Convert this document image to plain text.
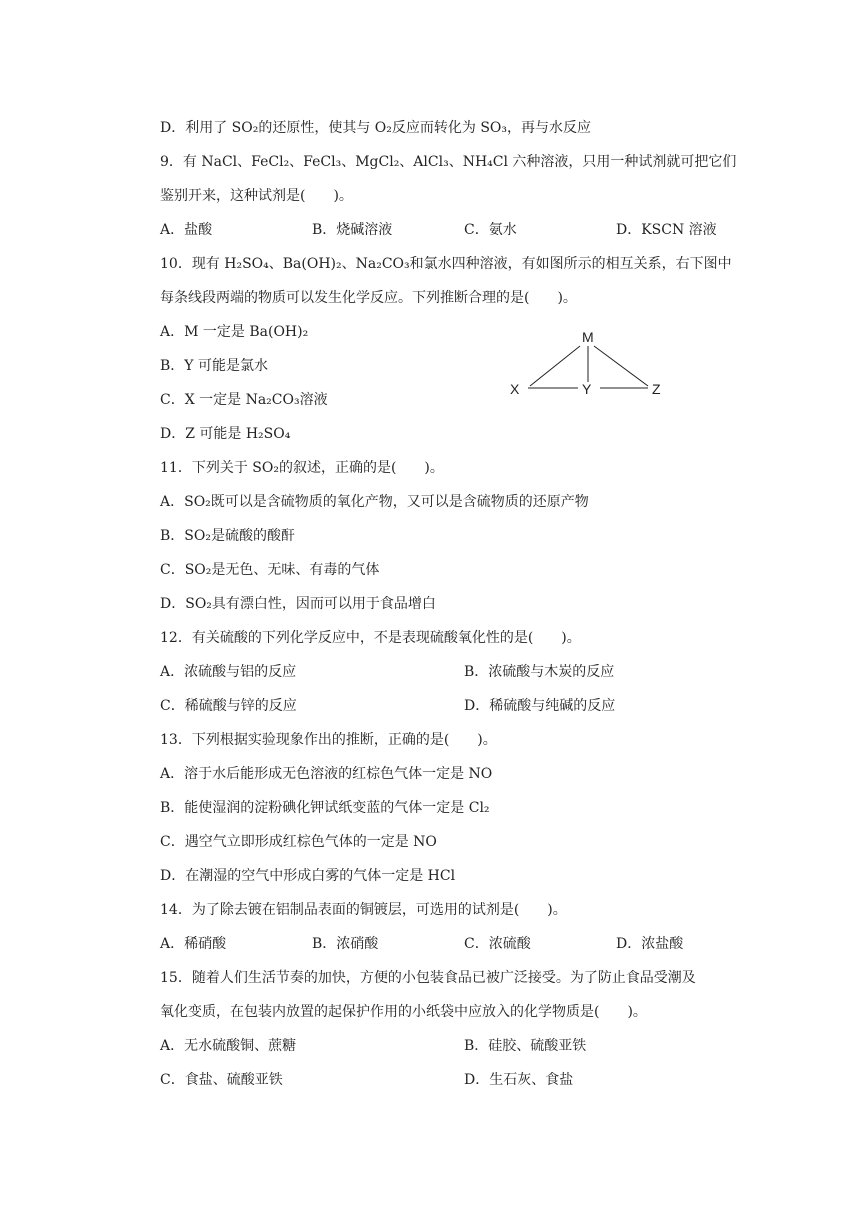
D．利用了 SO₂的还原性，使其与 O₂反应而转化为 SO₃，再与水反应
9．有 NaCl、FeCl₂、FeCl₃、MgCl₂、AlCl₃、NH₄Cl 六种溶液，只用一种试剂就可把它们
鉴别开来，这种试剂是(　　)。
A．盐酸	B．烧碱溶液	C．氨水	D．KSCN 溶液
10．现有 H₂SO₄、Ba(OH)₂、Na₂CO₃和氯水四种溶液，有如图所示的相互关系，右下图中
每条线段两端的物质可以发生化学反应。下列推断合理的是(　　)。
A．M 一定是 Ba(OH)₂
B．Y 可能是氯水
C．X 一定是 Na₂CO₃溶液
D．Z 可能是 H₂SO₄
M
X	Y	Z
11．下列关于 SO₂的叙述，正确的是(　　)。
A．SO₂既可以是含硫物质的氧化产物，又可以是含硫物质的还原产物
B．SO₂是硫酸的酸酐
C．SO₂是无色、无味、有毒的气体
D．SO₂具有漂白性，因而可以用于食品增白
12．有关硫酸的下列化学反应中，不是表现硫酸氧化性的是(　　)。
A．浓硫酸与铝的反应	B．浓硫酸与木炭的反应
C．稀硫酸与锌的反应	D．稀硫酸与纯碱的反应
13．下列根据实验现象作出的推断，正确的是(　　)。
A．溶于水后能形成无色溶液的红棕色气体一定是 NO
B．能使湿润的淀粉碘化钾试纸变蓝的气体一定是 Cl₂
C．遇空气立即形成红棕色气体的一定是 NO
D．在潮湿的空气中形成白雾的气体一定是 HCl
14．为了除去镀在铝制品表面的铜镀层，可选用的试剂是(　　)。
A．稀硝酸	B．浓硝酸	C．浓硫酸	D．浓盐酸
15．随着人们生活节奏的加快，方便的小包装食品已被广泛接受。为了防止食品受潮及
氧化变质，在包装内放置的起保护作用的小纸袋中应放入的化学物质是(　　)。
A．无水硫酸铜、蔗糖	B．硅胶、硫酸亚铁
C．食盐、硫酸亚铁	D．生石灰、食盐
